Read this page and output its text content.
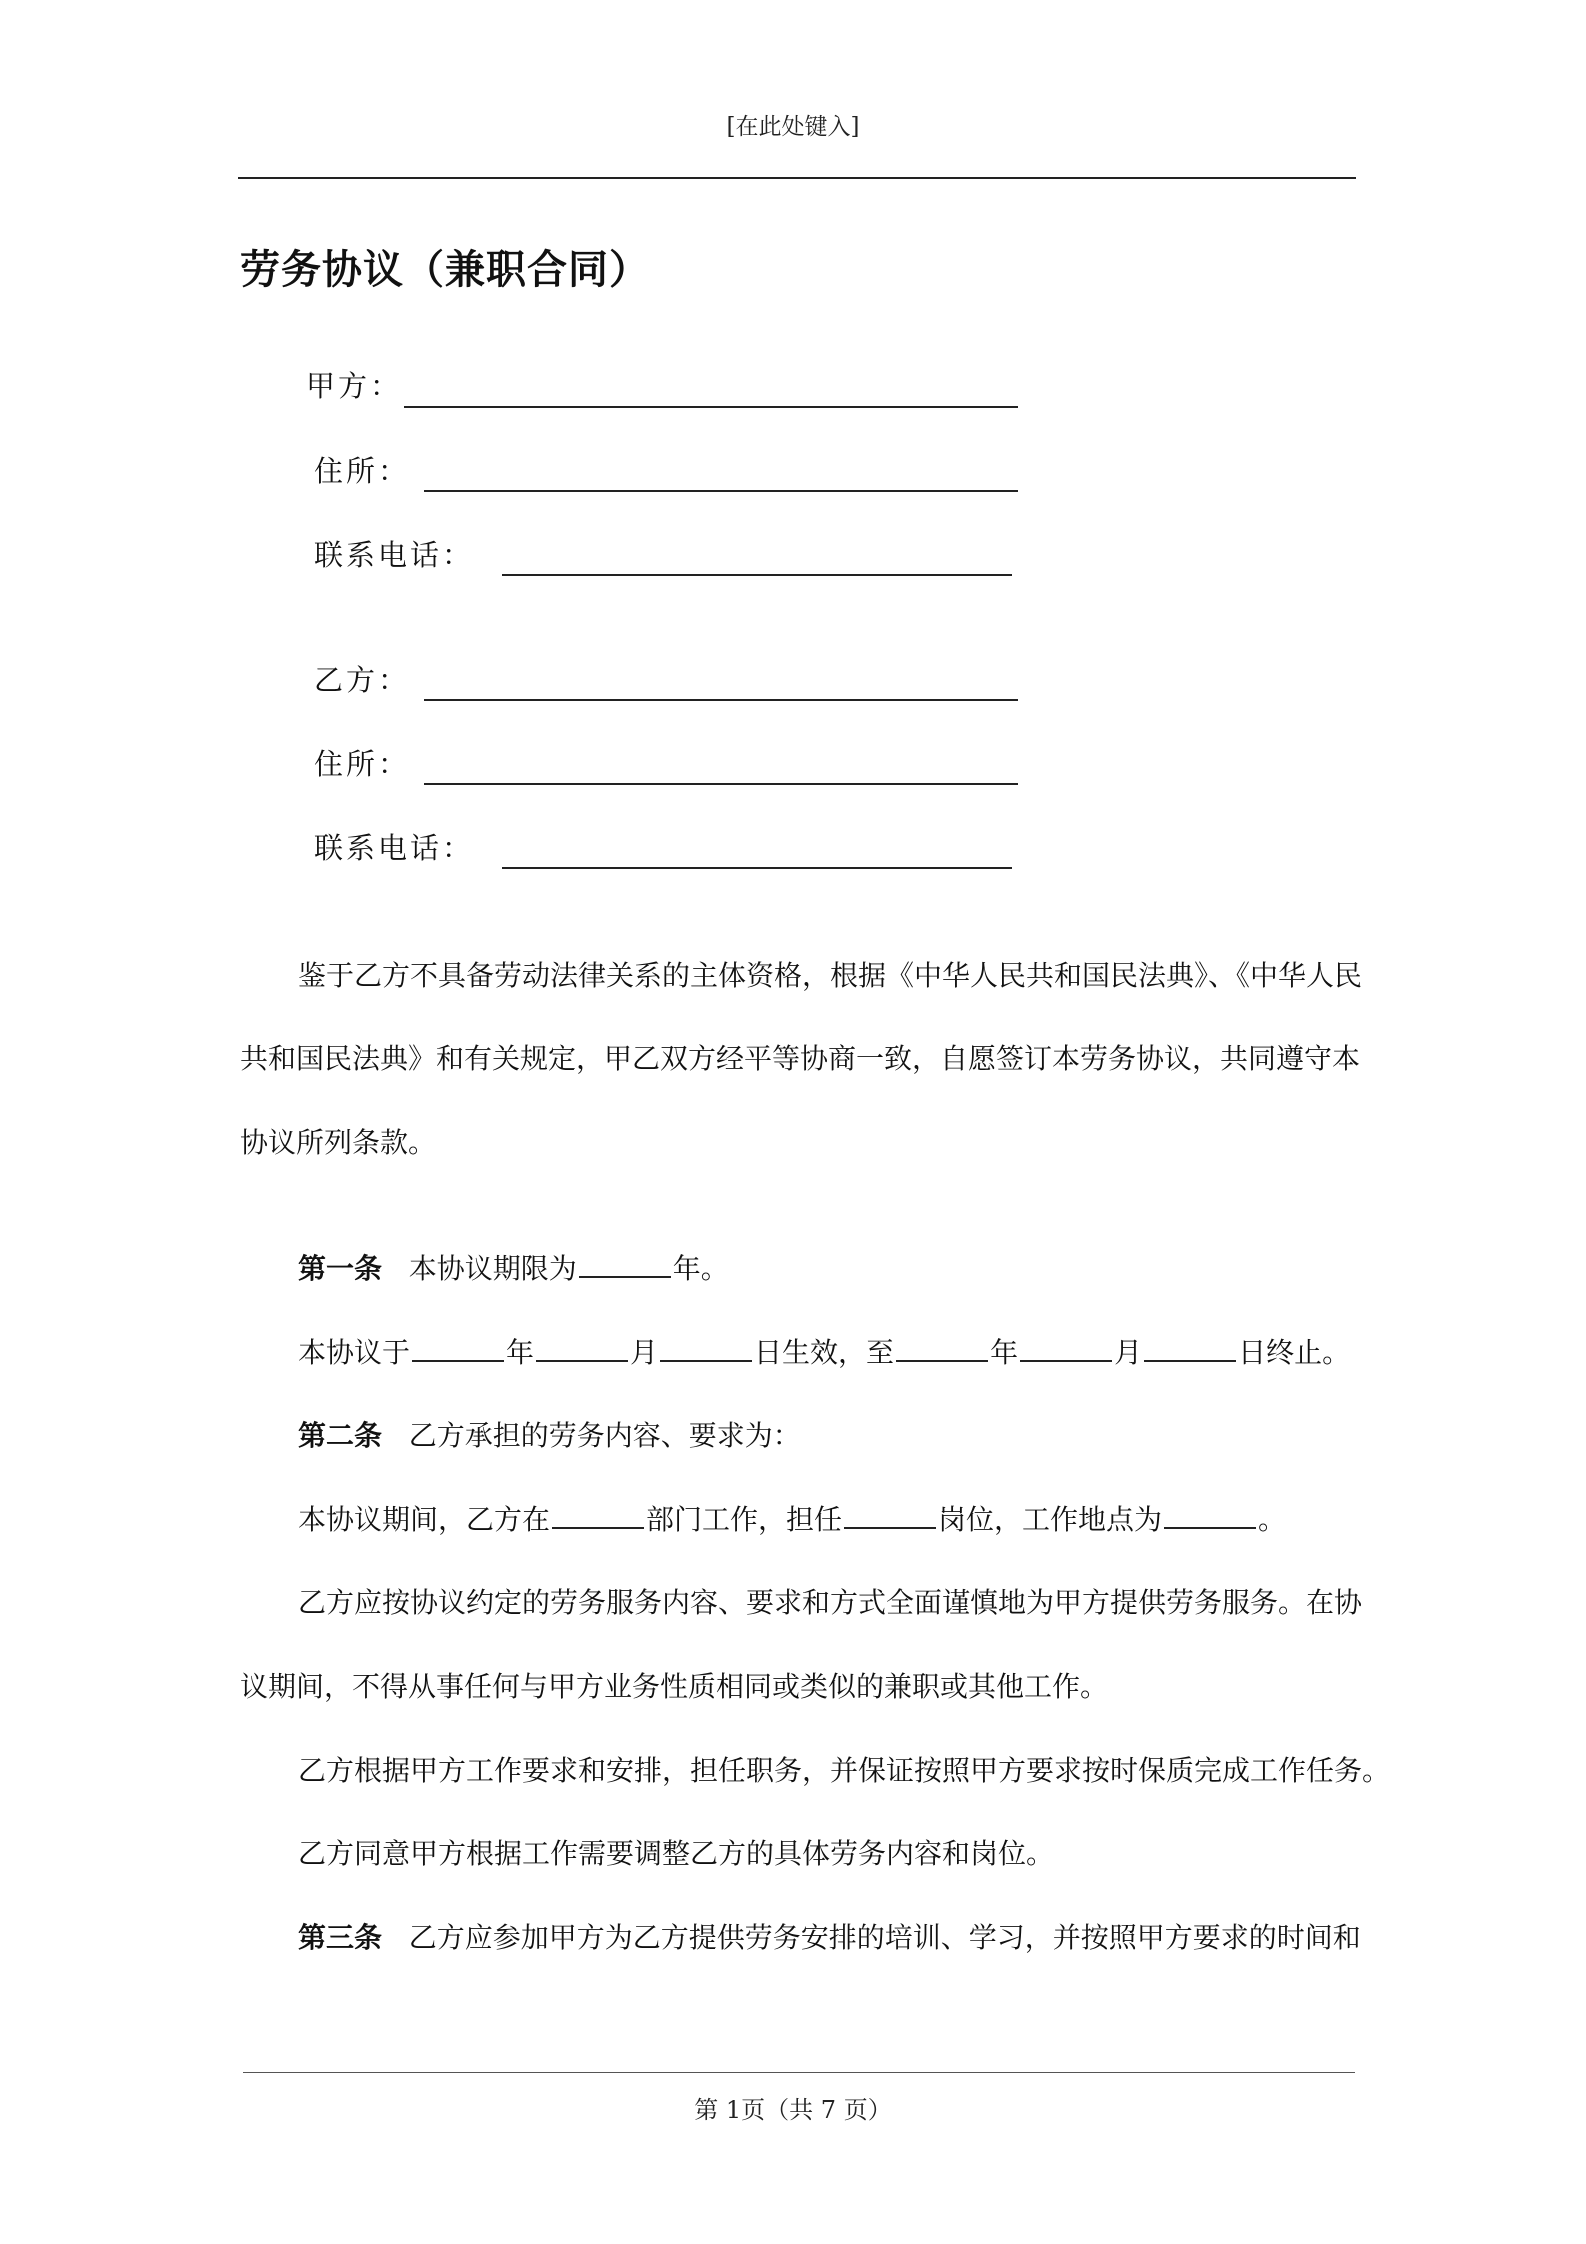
[在此处键入]
劳务协议（兼职合同）
甲方：
住所：
联系电话：
乙方：
住所：
联系电话：
鉴于乙方不具备劳动法律关系的主体资格，根据《中华人民共和国民法典》、《中华人民
共和国民法典》和有关规定，甲乙双方经平等协商一致，自愿签订本劳务协议，共同遵守本
协议所列条款。
第一条 本协议期限为	年。
本协议于	年	月	日生效，至	年	月	日终止。
第二条 乙方承担的劳务内容、要求为：
本协议期间，乙方在	部门工作，担任	岗位，工作地点为	。
乙方应按协议约定的劳务服务内容、要求和方式全面谨慎地为甲方提供劳务服务。在协
议期间，不得从事任何与甲方业务性质相同或类似的兼职或其他工作。
乙方根据甲方工作要求和安排，担任职务，并保证按照甲方要求按时保质完成工作任务。
乙方同意甲方根据工作需要调整乙方的具体劳务内容和岗位。
第三条 乙方应参加甲方为乙方提供劳务安排的培训、学习，并按照甲方要求的时间和
第 1页（共 7 页）
